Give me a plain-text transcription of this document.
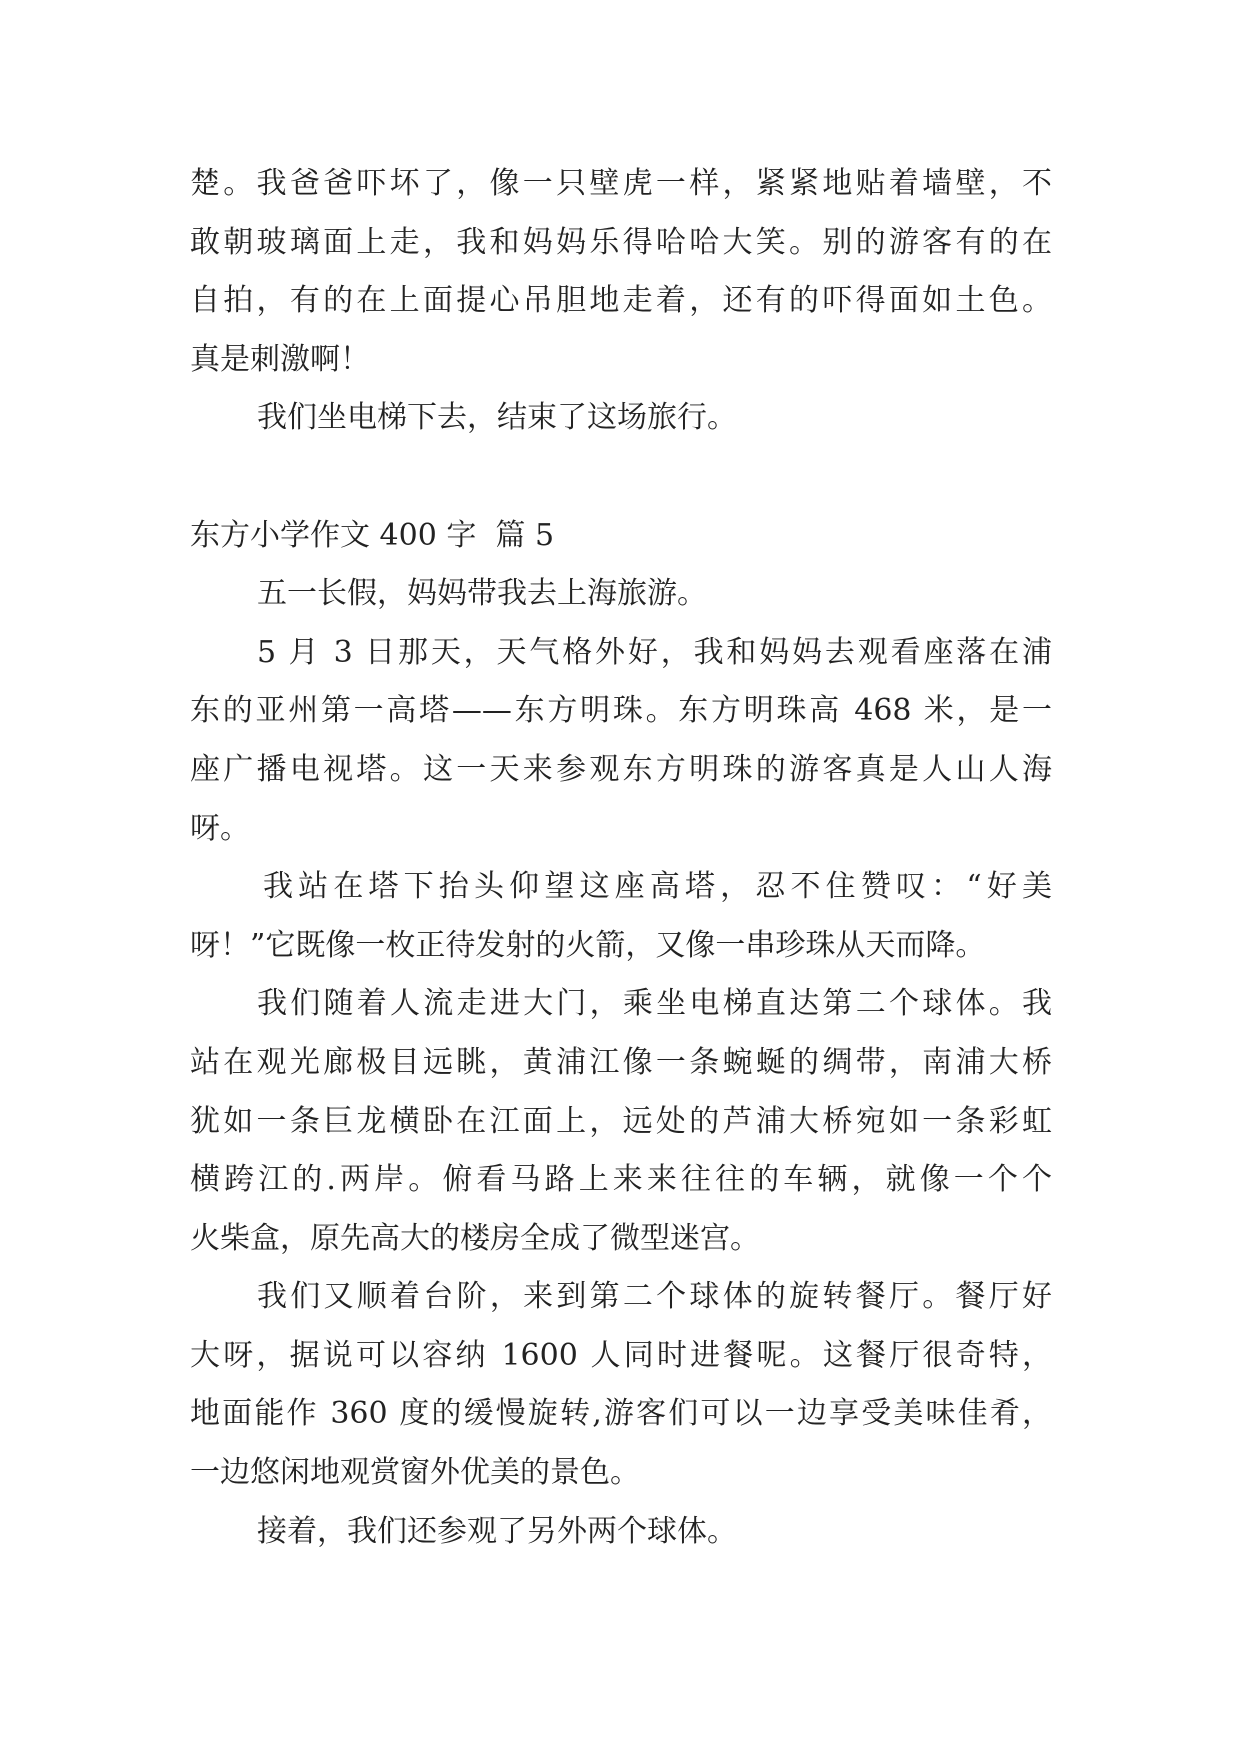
楚。我爸爸吓坏了，像一只壁虎一样，紧紧地贴着墙壁，不
敢朝玻璃面上走，我和妈妈乐得哈哈大笑。别的游客有的在
自拍，有的在上面提心吊胆地走着，还有的吓得面如土色。
真是刺激啊！
我们坐电梯下去，结束了这场旅行。
东方小学作文 400 字  篇 5
五一长假，妈妈带我去上海旅游。
5 月 3 日那天，天气格外好，我和妈妈去观看座落在浦
东的亚州第一高塔——东方明珠。东方明珠高 468 米，是一
座广播电视塔。这一天来参观东方明珠的游客真是人山人海
呀。
我站在塔下抬头仰望这座高塔，忍不住赞叹：“好美
呀！”它既像一枚正待发射的火箭，又像一串珍珠从天而降。
我们随着人流走进大门，乘坐电梯直达第二个球体。我
站在观光廊极目远眺，黄浦江像一条蜿蜒的绸带，南浦大桥
犹如一条巨龙横卧在江面上，远处的芦浦大桥宛如一条彩虹
横跨江的.两岸。俯看马路上来来往往的车辆，就像一个个
火柴盒，原先高大的楼房全成了微型迷宫。
我们又顺着台阶，来到第二个球体的旋转餐厅。餐厅好
大呀，据说可以容纳 1600 人同时进餐呢。这餐厅很奇特，
地面能作 360 度的缓慢旋转,游客们可以一边享受美味佳肴，
一边悠闲地观赏窗外优美的景色。
接着，我们还参观了另外两个球体。
